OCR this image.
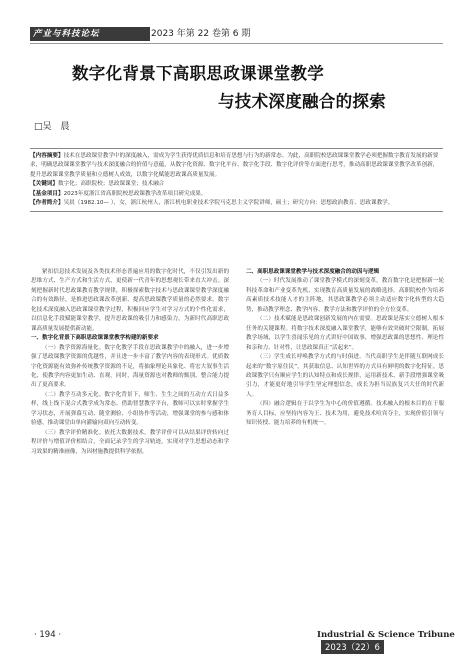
产业与科技论坛	2023 年第 22 卷第 6 期
数字化背景下高职思政课课堂教学
与技术深度融合的探索
□吴　晨
【内容摘要】技术在思政课堂教学中的深度融入，需成为学生获得优质信息和培育思想与行为的新常态。为此，高职院校思政课课堂教学必须把握数字教育发展的新要求，明确思政课课堂教学与技术深度融合的价值与意蕴，从数字化资源、数字化平台、数字化手段、数字化评价等方面进行思考，推动高职思政课课堂教学改革创新，提升思政课课堂教学质量和立德树人成效，以数字化赋能思政课高质量发展。
【关键词】数字化；高职院校；思政课课堂；技术融合
【基金项目】2023年度浙江省高职院校思政课教学改革项目研究成果。
【作者简介】吴晨（1982.10— ），女，浙江杭州人，浙江机电职业技术学院马克思主义学院讲师，硕士；研究方向：思想政治教育、思政课教学。

紧扣信息技术发展及各类技术形态普遍应用的数字化时代，不仅引发出新的思维方式、生产方式和生活方式，更使新一代青年的思想观长带来直大冲击。深刻把握新时代思政课教育教学规律，积极探索数字技术与思政课课堂教学深度融合的有效路径，是推进思政课改革创新、提高思政课教学质量的必然要求。数字化技术深度融入思政课课堂教学过程，积极回应学生对学习方式的个性化需求，以信息化手段赋能课堂教学，提升思政课的吸引力和感染力，为新时代高职思政课高质量发展提供新动能。

一、数字化背景下高职思政课课堂教学构建的新要求

（一）教学资源海量化。数字化教学手段在思政课教学中的融入，进一步增强了思政课教学资源的优越性，并且进一步丰富了教学内容的表现形式。优质数字化资源能有效弥补传统教学资源的不足，将抽象理论具象化、将宏大叙事生活化，使教学内容更加生动、直观。同时，海量资源也对教师的甄别、整合能力提出了更高要求。

（二）教学互动多元化。数字化背景下，师生、生生之间的互动方式日益多样，线上线下混合式教学成为常态。借助智慧教学平台，教师可以实时掌握学生学习状态，开展弹幕互动、随堂测验、小组协作等活动，增强课堂的参与感和体验感，推动课堂由单向灌输向双向互动转变。

（三）教学评价精准化。依托大数据技术，教学评价可以从结果评价转向过程评价与增值评价相结合，全面记录学生的学习轨迹，实现对学生思想动态和学习效果的精准画像，为因材施教提供科学依据。

二、高职思政课课堂教学与技术深度融合的动因与逻辑

（一）时代发展推动了课堂教学模式的深刻变革。教育数字化是把握新一轮科技革命和产业变革先机、实现教育高质量发展的战略选择。高职院校作为培养高素质技术技能人才的主阵地，其思政课教学必须主动适应数字化转型的大趋势，推动教学理念、教学内容、教学方法和教学评价的全方位变革。

（二）技术赋能是思政课创新发展的内在需要。思政课是落实立德树人根本任务的关键课程。将数字技术深度融入课堂教学，能够有效突破时空限制，拓展教学场域，以学生喜闻乐见的方式讲好中国故事，增强思政课的思想性、理论性和亲和力、针对性，让思政课真正“活起来”。

（三）学生成长呼唤教学方式的与时俱进。当代高职学生是伴随互联网成长起来的“数字原住民”，其获取信息、认知世界的方式具有鲜明的数字化特征。思政课教学只有顺应学生的认知特点和成长规律，运用新技术、新手段增强课堂吸引力，才能更好地引导学生坚定理想信念，成长为担当民族复兴大任的时代新人。

（四）融合逻辑在于以学生为中心的价值遵循。技术融入的根本目的在于服务育人目标，应坚持内容为王、技术为用，避免技术喧宾夺主，实现价值引领与知识传授、能力培养的有机统一。

· 194 ·	Industrial & Science Tribune2023（22）6
